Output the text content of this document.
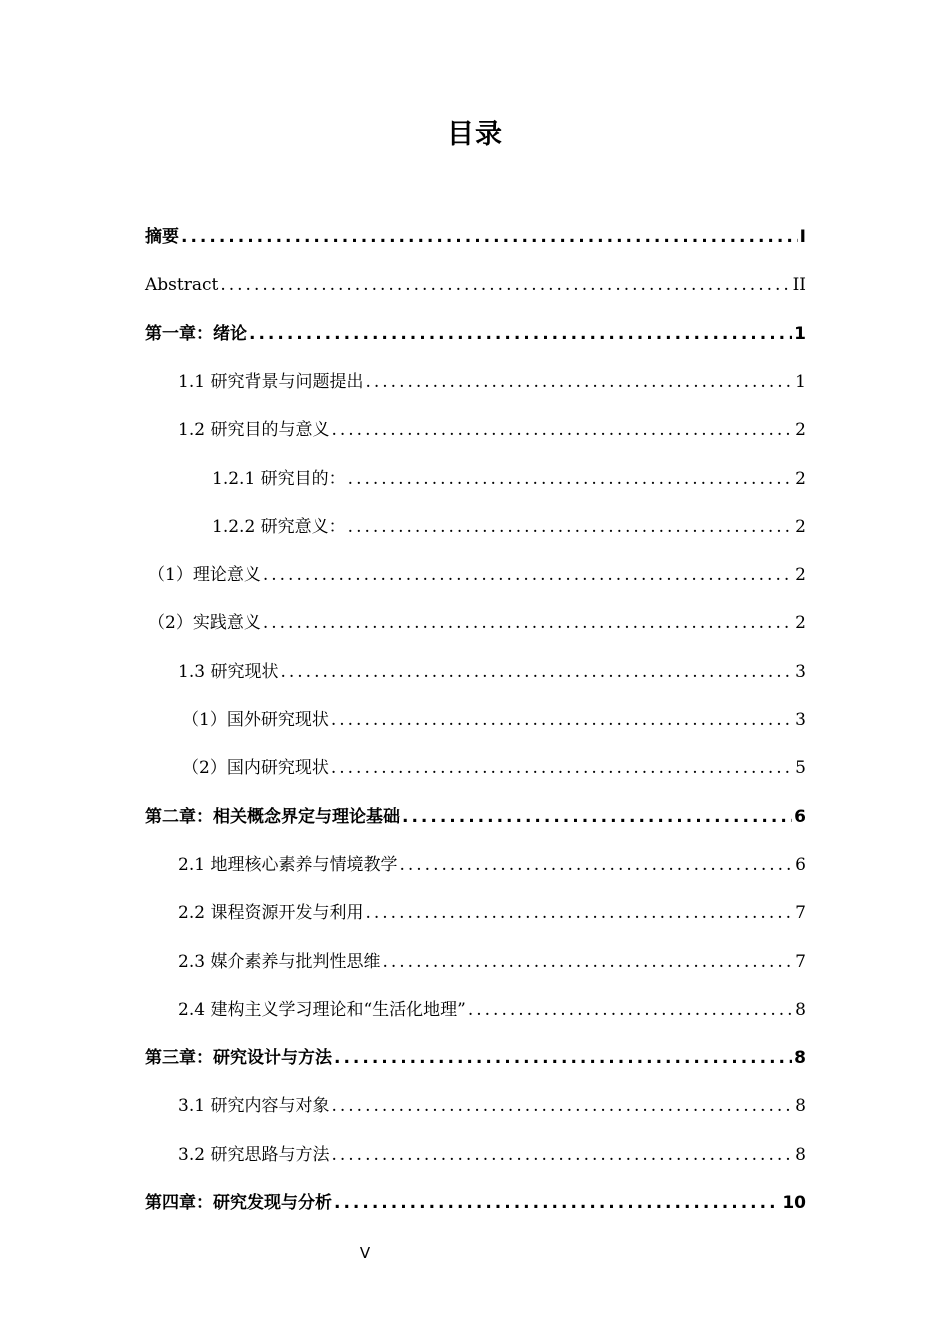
目录
摘要 .....	I
Abstract .....	II
第一章：绪论 .....	1
1.1 研究背景与问题提出 .....	1
1.2 研究目的与意义 .....	2
1.2.1 研究目的： .....	2
1.2.2 研究意义： .....	2
（1）理论意义 .....	2
（2）实践意义 .....	2
1.3 研究现状 .....	3
（1）国外研究现状 .....	3
（2）国内研究现状 .....	5
第二章：相关概念界定与理论基础 .....	6
2.1 地理核心素养与情境教学 .....	6
2.2 课程资源开发与利用 .....	7
2.3 媒介素养与批判性思维 .....	7
2.4 建构主义学习理论和“生活化地理” .....	8
第三章：研究设计与方法 .....	8
3.1 研究内容与对象 .....	8
3.2 研究思路与方法 .....	8
第四章：研究发现与分析 .....	10
V
